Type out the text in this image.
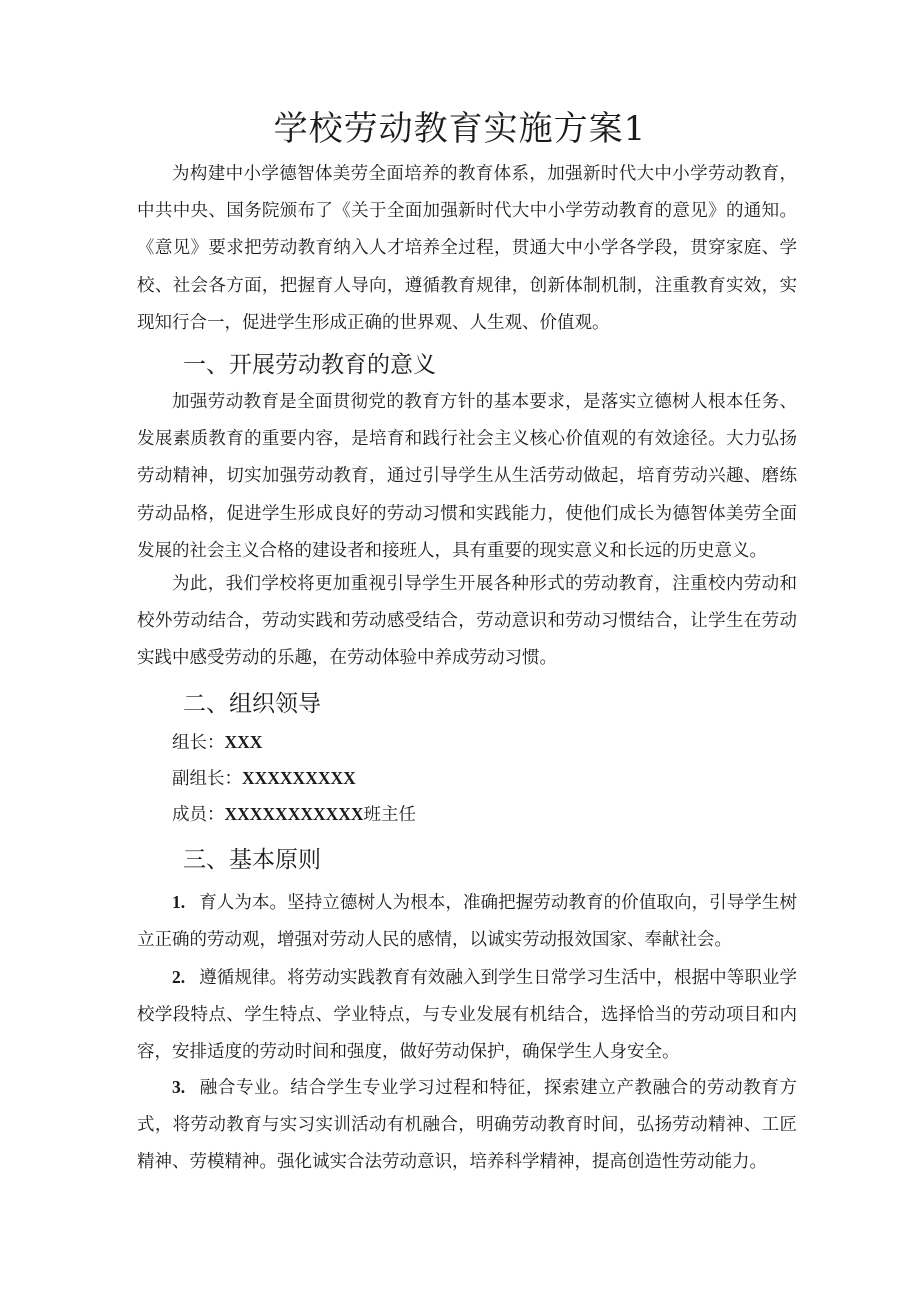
学校劳动教育实施方案1

为构建中小学德智体美劳全面培养的教育体系，加强新时代大中小学劳动教育，中共中央、国务院颁布了《关于全面加强新时代大中小学劳动教育的意见》的通知。《意见》要求把劳动教育纳入人才培养全过程，贯通大中小学各学段，贯穿家庭、学校、社会各方面，把握育人导向，遵循教育规律，创新体制机制，注重教育实效，实现知行合一，促进学生形成正确的世界观、人生观、价值观。

一、开展劳动教育的意义

加强劳动教育是全面贯彻党的教育方针的基本要求，是落实立德树人根本任务、发展素质教育的重要内容，是培育和践行社会主义核心价值观的有效途径。大力弘扬劳动精神，切实加强劳动教育，通过引导学生从生活劳动做起，培育劳动兴趣、磨练劳动品格，促进学生形成良好的劳动习惯和实践能力，使他们成长为德智体美劳全面发展的社会主义合格的建设者和接班人，具有重要的现实意义和长远的历史意义。

为此，我们学校将更加重视引导学生开展各种形式的劳动教育，注重校内劳动和校外劳动结合，劳动实践和劳动感受结合，劳动意识和劳动习惯结合，让学生在劳动实践中感受劳动的乐趣，在劳动体验中养成劳动习惯。

二、组织领导

组长：XXX

副组长：XXXXXXXXX

成员：XXXXXXXXXXX班主任

三、基本原则

1. 育人为本。坚持立德树人为根本，准确把握劳动教育的价值取向，引导学生树立正确的劳动观，增强对劳动人民的感情，以诚实劳动报效国家、奉献社会。

2. 遵循规律。将劳动实践教育有效融入到学生日常学习生活中，根据中等职业学校学段特点、学生特点、学业特点，与专业发展有机结合，选择恰当的劳动项目和内容，安排适度的劳动时间和强度，做好劳动保护，确保学生人身安全。

3. 融合专业。结合学生专业学习过程和特征，探索建立产教融合的劳动教育方式，将劳动教育与实习实训活动有机融合，明确劳动教育时间，弘扬劳动精神、工匠精神、劳模精神。强化诚实合法劳动意识，培养科学精神，提高创造性劳动能力。
